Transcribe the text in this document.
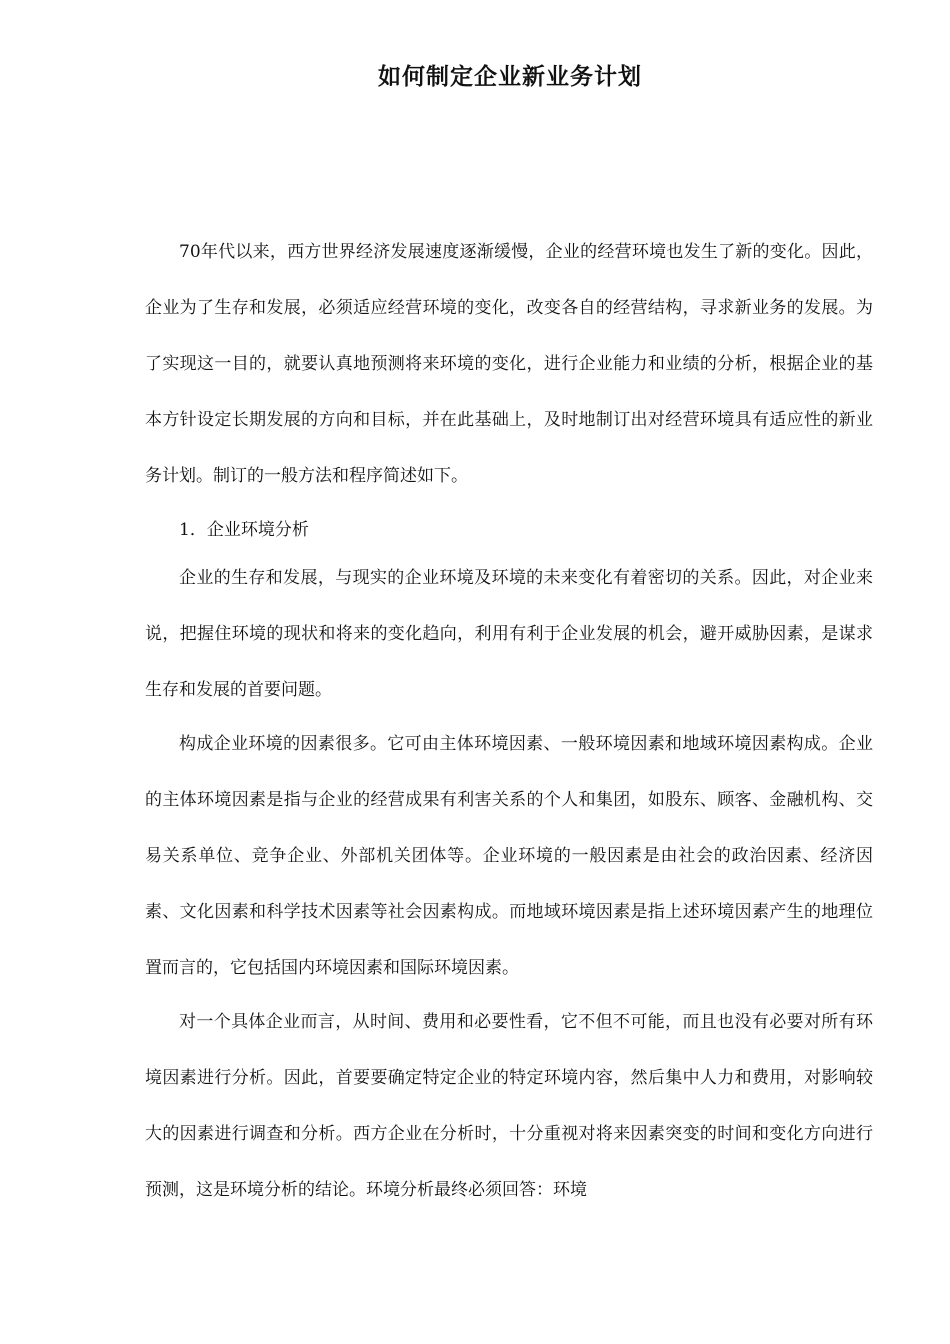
如何制定企业新业务计划

70年代以来，西方世界经济发展速度逐渐缓慢，企业的经营环境也发生了新的变化。因此，企业为了生存和发展，必须适应经营环境的变化，改变各自的经营结构，寻求新业务的发展。为了实现这一目的，就要认真地预测将来环境的变化，进行企业能力和业绩的分析，根据企业的基本方针设定长期发展的方向和目标，并在此基础上，及时地制订出对经营环境具有适应性的新业务计划。制订的一般方法和程序简述如下。

1．企业环境分析

企业的生存和发展，与现实的企业环境及环境的未来变化有着密切的关系。因此，对企业来说，把握住环境的现状和将来的变化趋向，利用有利于企业发展的机会，避开威胁因素，是谋求生存和发展的首要问题。

构成企业环境的因素很多。它可由主体环境因素、一般环境因素和地域环境因素构成。企业的主体环境因素是指与企业的经营成果有利害关系的个人和集团，如股东、顾客、金融机构、交易关系单位、竞争企业、外部机关团体等。企业环境的一般因素是由社会的政治因素、经济因素、文化因素和科学技术因素等社会因素构成。而地域环境因素是指上述环境因素产生的地理位置而言的，它包括国内环境因素和国际环境因素。

对一个具体企业而言，从时间、费用和必要性看，它不但不可能，而且也没有必要对所有环境因素进行分析。因此，首要要确定特定企业的特定环境内容，然后集中人力和费用，对影响较大的因素进行调查和分析。西方企业在分析时，十分重视对将来因素突变的时间和变化方向进行预测，这是环境分析的结论。环境分析最终必须回答：环境
